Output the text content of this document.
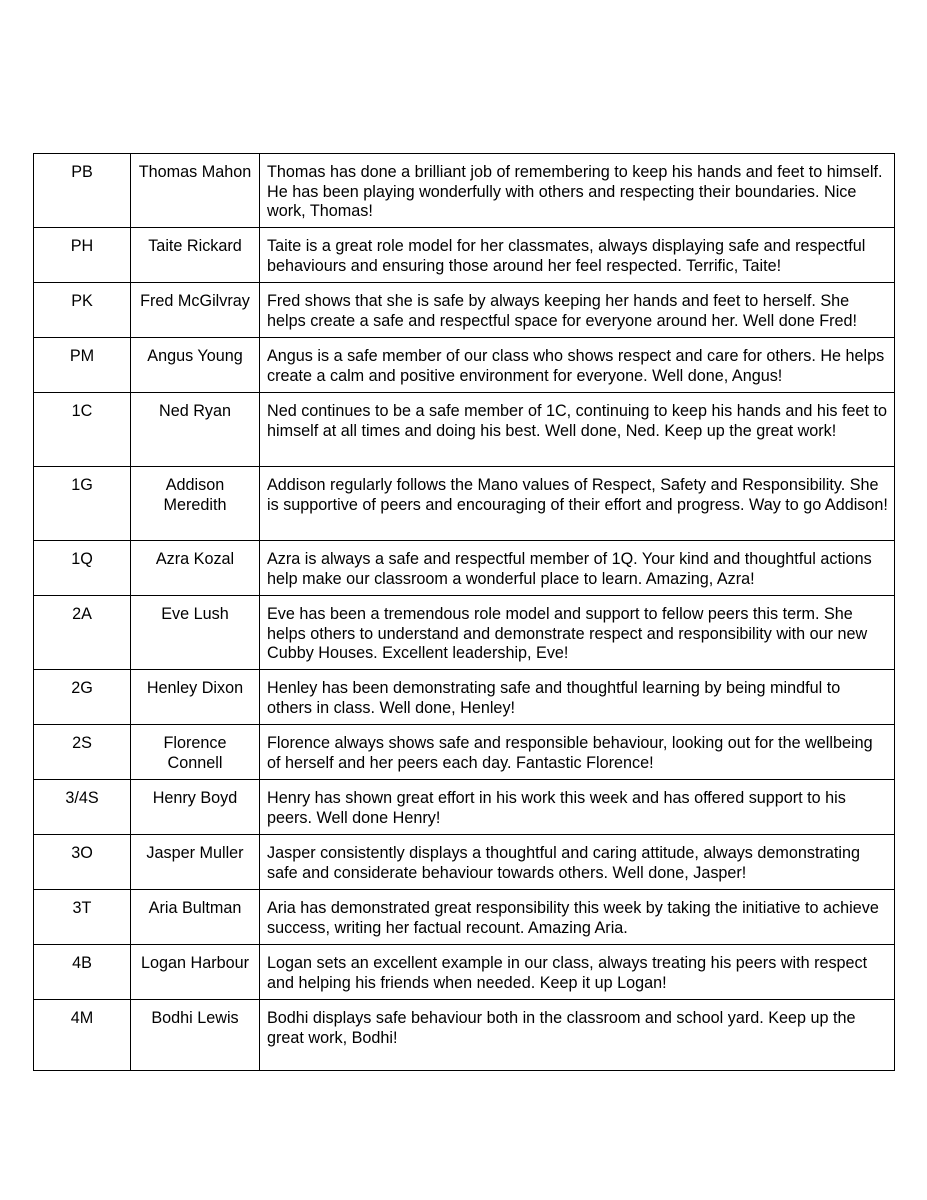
PB	Thomas Mahon	Thomas has done a brilliant job of remembering to keep his hands and feet to himself. He has been playing wonderfully with others and respecting their boundaries. Nice work, Thomas!
PH	Taite Rickard	Taite is a great role model for her classmates, always displaying safe and respectful behaviours and ensuring those around her feel respected. Terrific, Taite!
PK	Fred McGilvray	Fred shows that she is safe by always keeping her hands and feet to herself. She helps create a safe and respectful space for everyone around her. Well done Fred!
PM	Angus Young	Angus is a safe member of our class who shows respect and care for others. He helps create a calm and positive environment for everyone. Well done, Angus!
1C	Ned Ryan	Ned continues to be a safe member of 1C, continuing to keep his hands and his feet to himself at all times and doing his best. Well done, Ned. Keep up the great work!
1G	Addison Meredith	Addison regularly follows the Mano values of Respect, Safety and Responsibility. She is supportive of peers and encouraging of their effort and progress. Way to go Addison!
1Q	Azra Kozal	Azra is always a safe and respectful member of 1Q. Your kind and thoughtful actions help make our classroom a wonderful place to learn. Amazing, Azra!
2A	Eve Lush	Eve has been a tremendous role model and support to fellow peers this term. She helps others to understand and demonstrate respect and responsibility with our new Cubby Houses. Excellent leadership, Eve!
2G	Henley Dixon	Henley has been demonstrating safe and thoughtful learning by being mindful to others in class. Well done, Henley!
2S	Florence Connell	Florence always shows safe and responsible behaviour, looking out for the wellbeing of herself and her peers each day. Fantastic Florence!
3/4S	Henry Boyd	Henry has shown great effort in his work this week and has offered support to his peers. Well done Henry!
3O	Jasper Muller	Jasper consistently displays a thoughtful and caring attitude, always demonstrating safe and considerate behaviour towards others. Well done, Jasper!
3T	Aria Bultman	Aria has demonstrated great responsibility this week by taking the initiative to achieve success, writing her factual recount. Amazing Aria.
4B	Logan Harbour	Logan sets an excellent example in our class, always treating his peers with respect and helping his friends when needed. Keep it up Logan!
4M	Bodhi Lewis	Bodhi displays safe behaviour both in the classroom and school yard. Keep up the great work, Bodhi!
